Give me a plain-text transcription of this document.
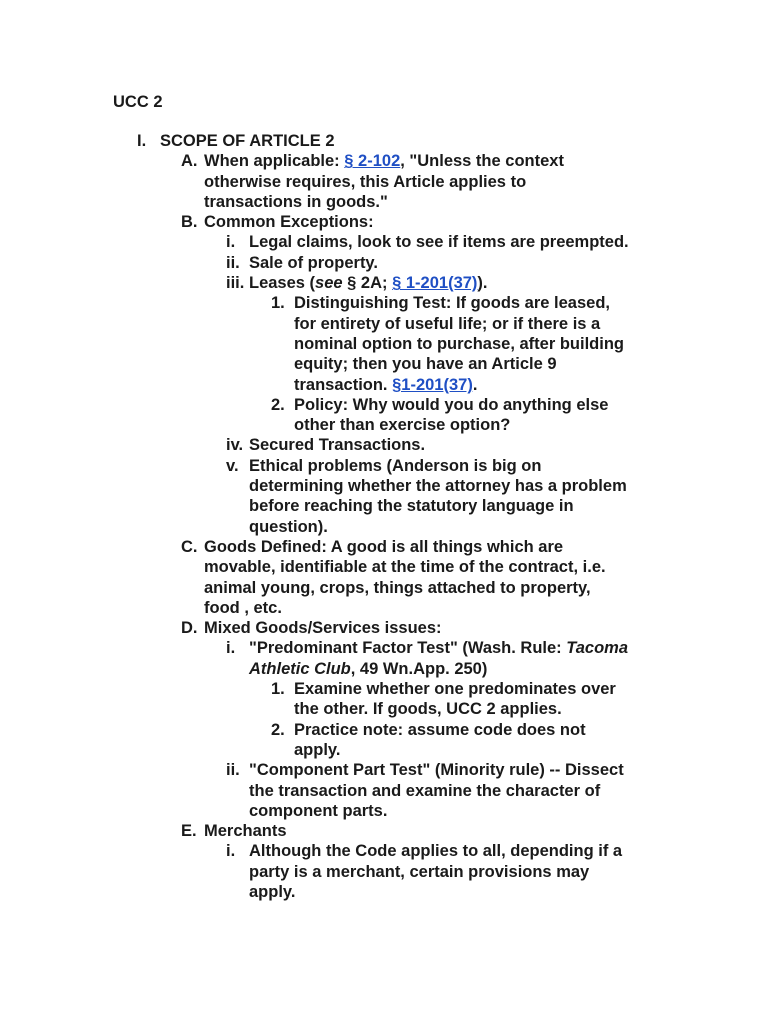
UCC 2
I. SCOPE OF ARTICLE 2
A. When applicable: § 2-102, "Unless the context
otherwise requires, this Article applies to
transactions in goods."
B. Common Exceptions:
i. Legal claims, look to see if items are preempted.
ii. Sale of property.
iii. Leases (see § 2A; § 1-201(37)).
1. Distinguishing Test: If goods are leased,
for entirety of useful life; or if there is a
nominal option to purchase, after building
equity; then you have an Article 9
transaction. §1-201(37).
2. Policy: Why would you do anything else
other than exercise option?
iv. Secured Transactions.
v. Ethical problems (Anderson is big on
determining whether the attorney has a problem
before reaching the statutory language in
question).
C. Goods Defined: A good is all things which are
movable, identifiable at the time of the contract, i.e.
animal young, crops, things attached to property,
food , etc.
D. Mixed Goods/Services issues:
i. "Predominant Factor Test" (Wash. Rule: Tacoma
Athletic Club, 49 Wn.App. 250)
1. Examine whether one predominates over
the other. If goods, UCC 2 applies.
2. Practice note: assume code does not
apply.
ii. "Component Part Test" (Minority rule) -- Dissect
the transaction and examine the character of
component parts.
E. Merchants
i. Although the Code applies to all, depending if a
party is a merchant, certain provisions may
apply.
